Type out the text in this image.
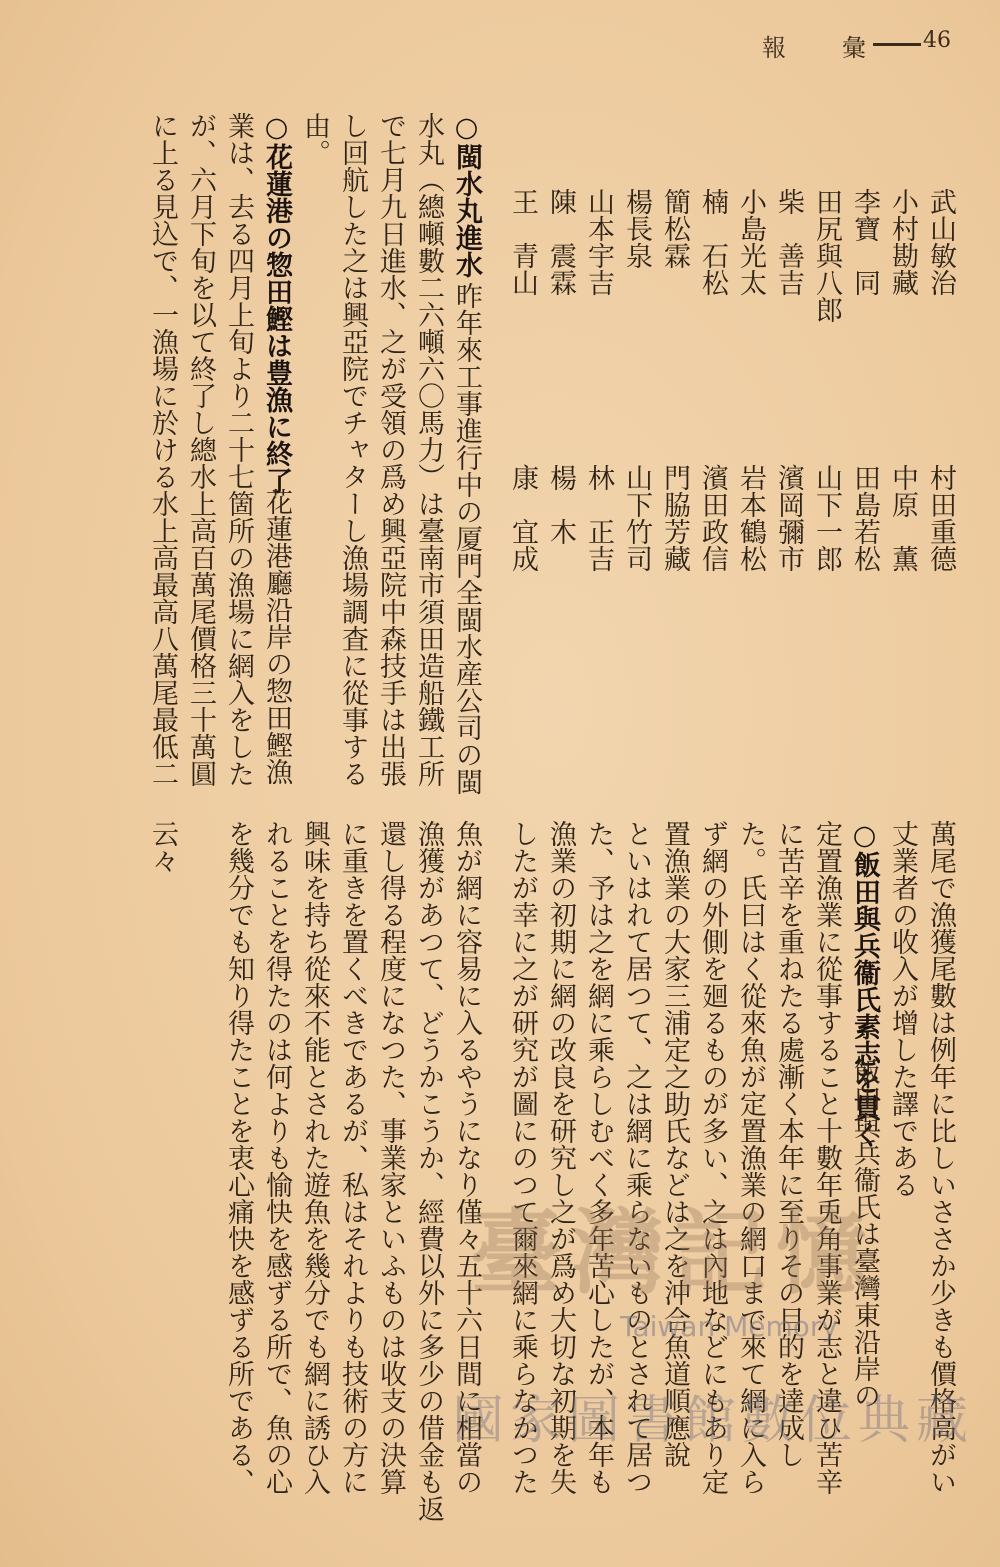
報 彙	46
武山敏治
村田重德
小村勘藏
中原　薫
李寶　同
田島若松
田尻與八郎
山下一郎
柴　善吉
濱岡彌市
小島光太
岩本鶴松
楠　石松
濱田政信
簡松霖
門脇芳藏
楊長泉
山下竹司
山本宇吉
林　正吉
陳　震霖
楊　木
王　青山
康　宜成
○閩水丸進水
昨年來工事進行中の厦門全閩水産公司の閩
水丸（總噸數二六噸六〇馬力）は臺南市須田造船鐵工所
で七月九日進水、之が受領の爲め興亞院中森技手は出張
し回航した之は興亞院でチャターし漁場調査に從事する
由。
○花蓮港の惣田鰹は豊漁に終了
花蓮港廳沿岸の惣田鰹漁
業は、去る四月上旬より二十七箇所の漁場に網入をした
が、六月下旬を以て終了し總水上高百萬尾價格三十萬圓
に上る見込で、一漁場に於ける水上高最高八萬尾最低二
萬尾で漁獲尾數は例年に比しいささか少きも價格高がい
丈業者の收入が增した譯である
○飯田與兵衞氏素志を貫く
飯田與兵衞氏は臺灣東沿岸の
定置漁業に從事すること十數年兎角事業が志と違ひ苦辛
に苦辛を重ねたる處漸く本年に至りその目的を達成し
た。氏曰はく從來魚が定置漁業の網口まで來て網に入ら
ず網の外側を廻るものが多い、之は內地などにもあり定
置漁業の大家三浦定之助氏などは之を沖合魚道順應說
といはれて居つて、之は網に乘らないものとされて居つ
た、予は之を網に乘らしむべく多年苦心したが、本年も
漁業の初期に網の改良を研究し之が爲め大切な初期を失
したが幸に之が研究が圖にのつて爾來網に乘らなかつた
魚が網に容易に入るやうになり僅々五十六日間に相當の
漁獲があつて、どうかこうか、經費以外に多少の借金も返
還し得る程度になつた、事業家といふものは收支の決算
に重きを置くべきであるが、私はそれよりも技術の方に
興味を持ち從來不能とされた遊魚を幾分でも網に誘ひ入
れることを得たのは何よりも愉快を感ずる所で、魚の心
を幾分でも知り得たことを衷心痛快を感ずる所である、
云々
臺灣記憶
Taiwan Memory
國家圖書館數位典藏
